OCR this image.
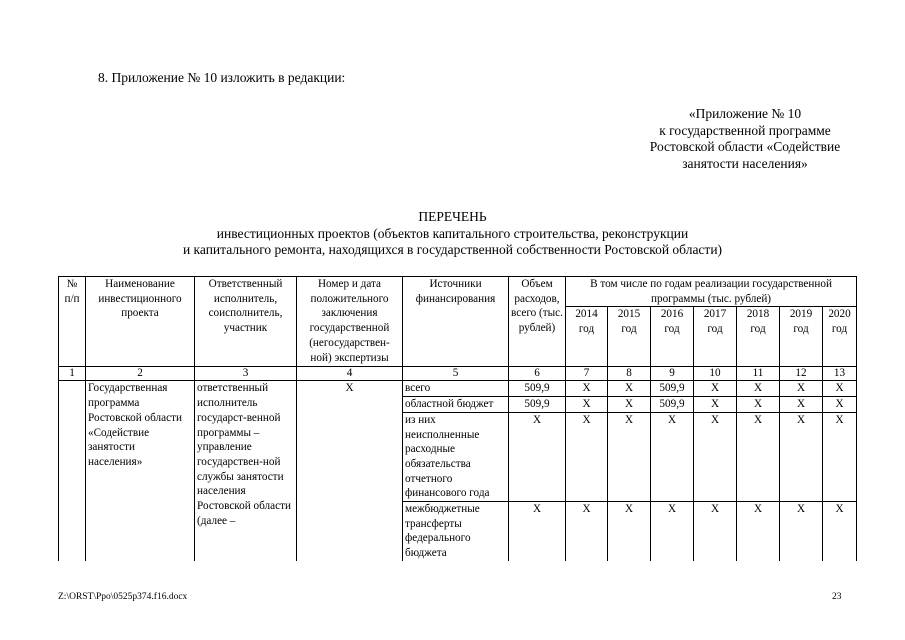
8. Приложение № 10 изложить в редакции:
«Приложение № 10
к государственной программе
Ростовской области «Содействие
занятости населения»
ПЕРЕЧЕНЬ
инвестиционных проектов (объектов капитального строительства, реконструкции
и капитального ремонта, находящихся в государственной собственности Ростовской области)
№ п/п	Наименование инвестиционного проекта	Ответственный исполнитель, соисполнитель, участник	Номер и дата положительного заключения государственной (негосударствен-ной) экспертизы	Источники финансирования	Объем расходов, всего (тыс. рублей)	В том числе по годам реализации государственной программы (тыс. рублей)						
						2014 год	2015 год	2016 год	2017 год	2018 год	2019 год	2020 год
1	2	3	4	5	6	7	8	9	10	11	12	13
	Государственная программа Ростовской области «Содействие занятости населения»	ответственный исполнитель государст-венной программы – управление государствен-ной службы занятости населения Ростовской области (далее –	Х	всего	509,9	Х	Х	509,9	Х	Х	Х	Х
				областной бюджет	509,9	Х	Х	509,9	Х	Х	Х	Х
				из них неисполненные расходные обязательства отчетного финансового года	Х	Х	Х	Х	Х	Х	Х	Х
				межбюджетные трансферты федерального бюджета	Х	Х	Х	Х	Х	Х	Х	Х
Z:\ORST\Ppo\0525p374.f16.docx	23
